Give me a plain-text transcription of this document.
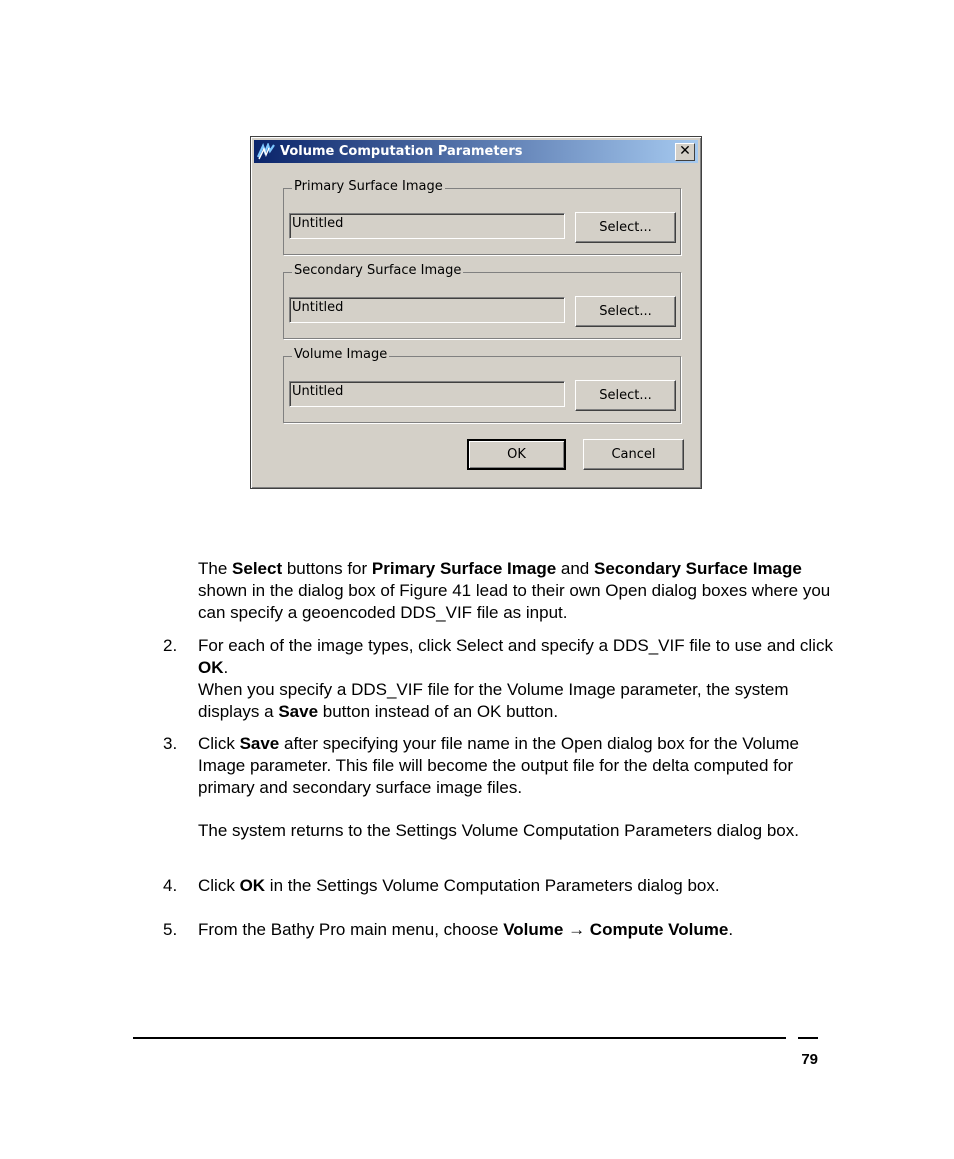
Volume Computation Parameters	✕
Primary Surface Image
Untitled	Select...
Secondary Surface Image
Untitled	Select...
Volume Image
Untitled	Select...
OK	Cancel
The Select buttons for Primary Surface Image and Secondary Surface Image shown in the dialog box of Figure 41 lead to their own Open dialog boxes where you can specify a geoencoded DDS_VIF file as input.
2. For each of the image types, click Select and specify a DDS_VIF file to use and click OK.
When you specify a DDS_VIF file for the Volume Image parameter, the system displays a Save button instead of an OK button.
3. Click Save after specifying your file name in the Open dialog box for the Volume Image parameter. This file will become the output file for the delta computed for primary and secondary surface image files.
The system returns to the Settings Volume Computation Parameters dialog box.
4. Click OK in the Settings Volume Computation Parameters dialog box.
5. From the Bathy Pro main menu, choose Volume → Compute Volume.
79
